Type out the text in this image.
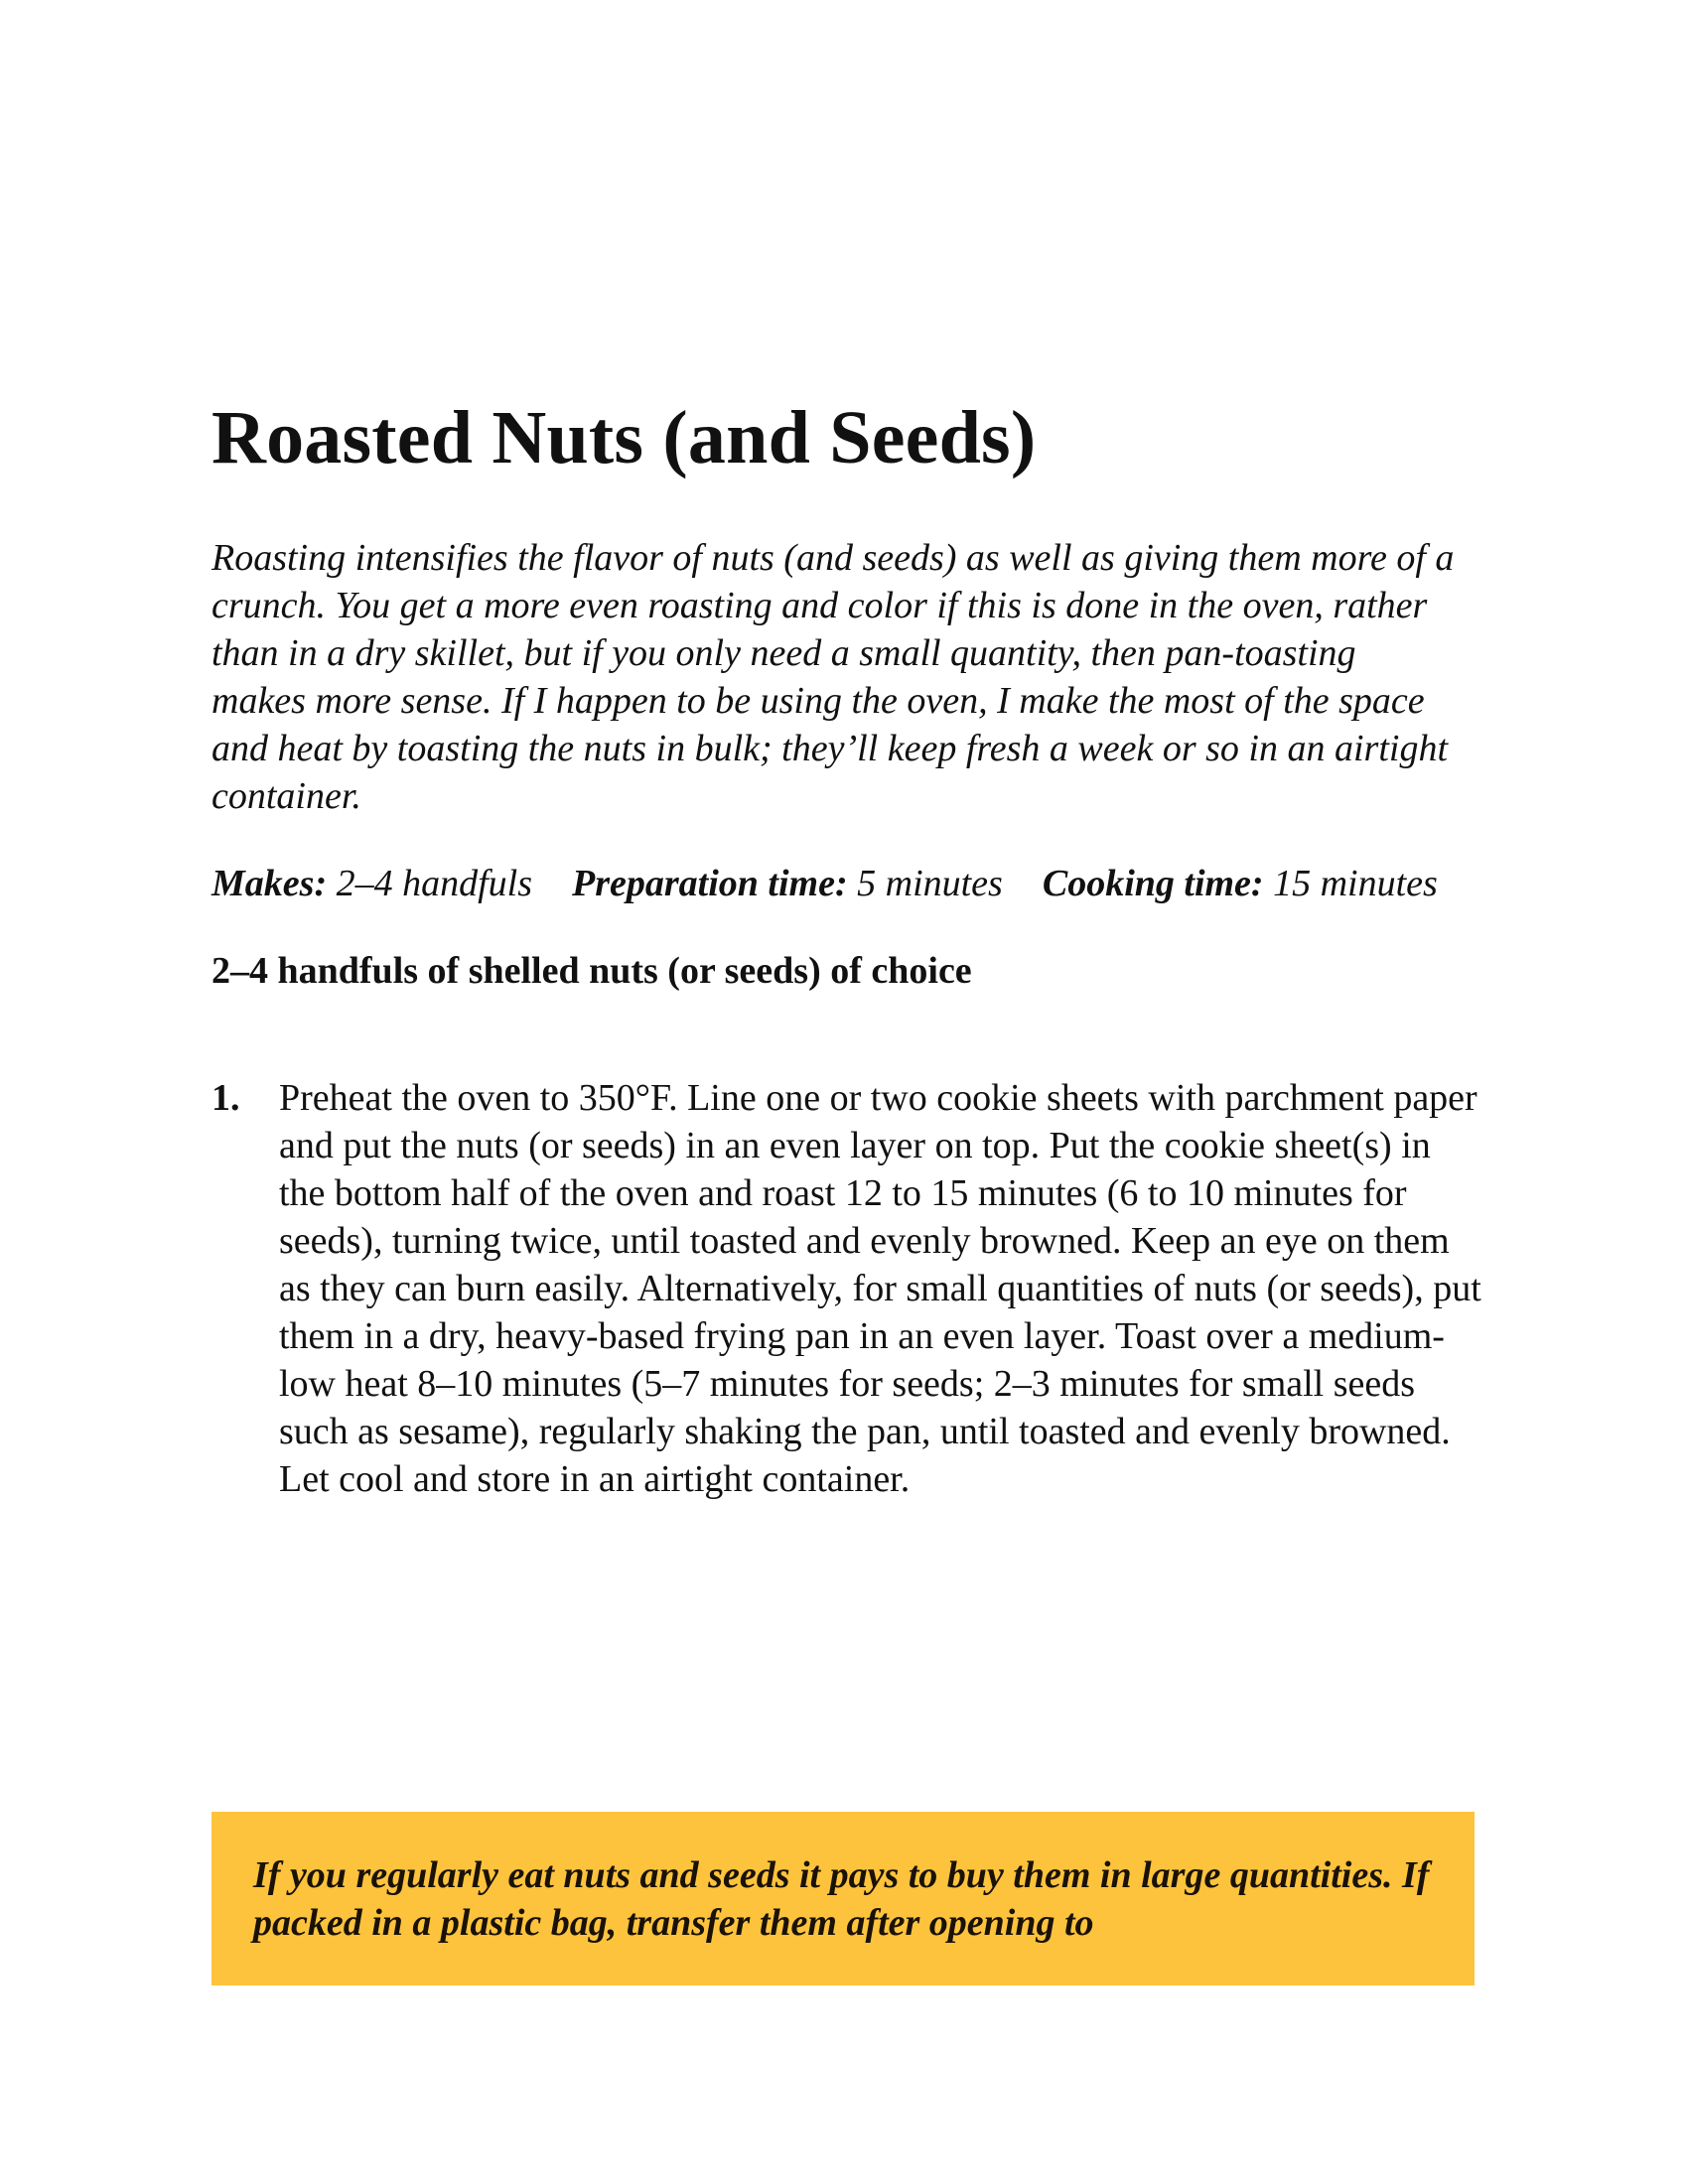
Roasted Nuts (and Seeds)

Roasting intensifies the flavor of nuts (and seeds) as well as giving them more of a crunch. You get a more even roasting and color if this is done in the oven, rather than in a dry skillet, but if you only need a small quantity, then pan-toasting makes more sense. If I happen to be using the oven, I make the most of the space and heat by toasting the nuts in bulk; they’ll keep fresh a week or so in an airtight container.

Makes: 2–4 handfuls Preparation time: 5 minutes Cooking time: 15 minutes

2–4 handfuls of shelled nuts (or seeds) of choice

1. Preheat the oven to 350°F. Line one or two cookie sheets with parchment paper and put the nuts (or seeds) in an even layer on top. Put the cookie sheet(s) in the bottom half of the oven and roast 12 to 15 minutes (6 to 10 minutes for seeds), turning twice, until toasted and evenly browned. Keep an eye on them as they can burn easily. Alternatively, for small quantities of nuts (or seeds), put them in a dry, heavy-based frying pan in an even layer. Toast over a medium-low heat 8–10 minutes (5–7 minutes for seeds; 2–3 minutes for small seeds such as sesame), regularly shaking the pan, until toasted and evenly browned. Let cool and store in an airtight container.

If you regularly eat nuts and seeds it pays to buy them in large quantities. If packed in a plastic bag, transfer them after opening to
